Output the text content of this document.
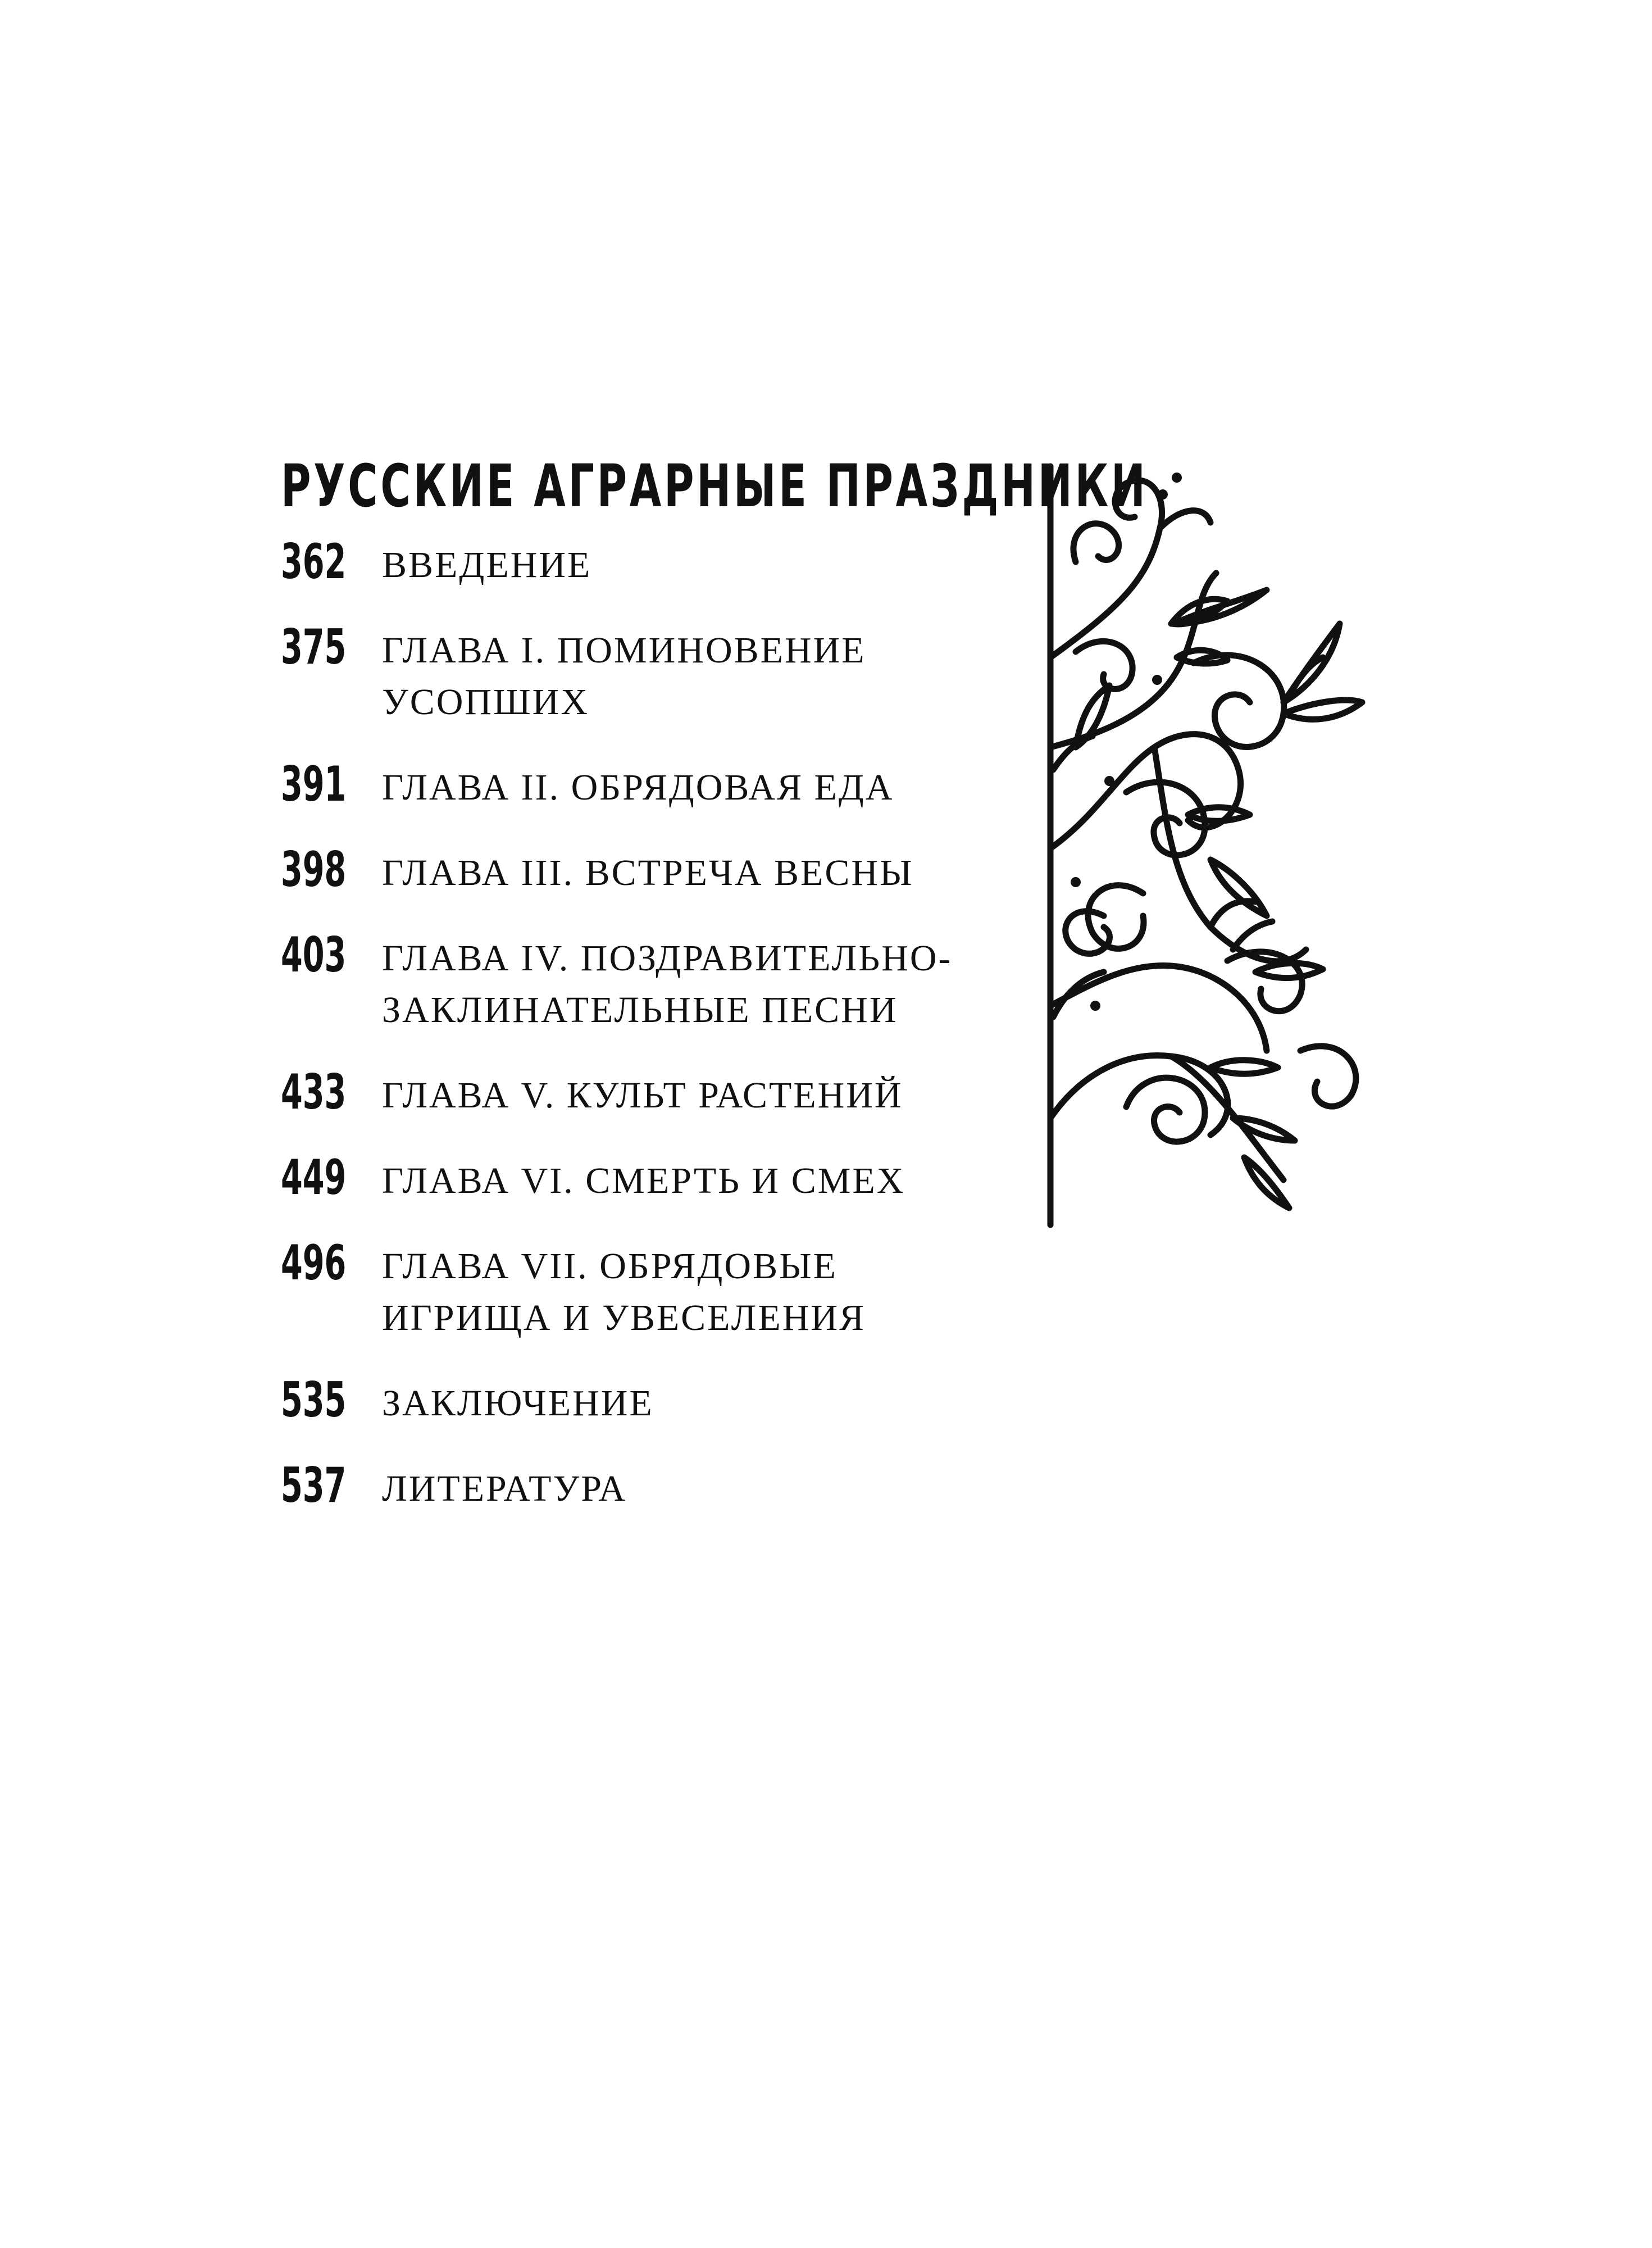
РУССКИЕ АГРАРНЫЕ ПРАЗДНИКИ
362 ВВЕДЕНИЕ
375 ГЛАВА I. ПОМИНОВЕНИЕ УСОПШИХ
391 ГЛАВА II. ОБРЯДОВАЯ ЕДА
398 ГЛАВА III. ВСТРЕЧА ВЕСНЫ
403 ГЛАВА IV. ПОЗДРАВИТЕЛЬНО-ЗАКЛИНАТЕЛЬНЫЕ ПЕСНИ
433 ГЛАВА V. КУЛЬТ РАСТЕНИЙ
449 ГЛАВА VI. СМЕРТЬ И СМЕХ
496 ГЛАВА VII. ОБРЯДОВЫЕ ИГРИЩА И УВЕСЕЛЕНИЯ
535 ЗАКЛЮЧЕНИЕ
537 ЛИТЕРАТУРА
